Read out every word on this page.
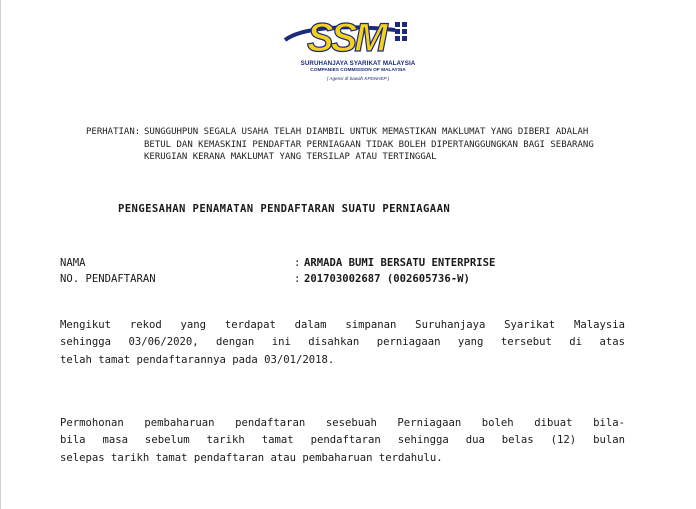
SSM
SURUHANJAYA SYARIKAT MALAYSIA
COMPANIES COMMISSION OF MALAYSIA
( Agensi di bawah KPDNHEP )
PERHATIAN: SUNGGUHPUN SEGALA USAHA TELAH DIAMBIL UNTUK MEMASTIKAN MAKLUMAT YANG DIBERI ADALAH
BETUL DAN KEMASKINI PENDAFTAR PERNIAGAAN TIDAK BOLEH DIPERTANGGUNGKAN BAGI SEBARANG
KERUGIAN KERANA MAKLUMAT YANG TERSILAP ATAU TERTINGGAL
PENGESAHAN PENAMATAN PENDAFTARAN SUATU PERNIAGAAN
NAMA	: ARMADA BUMI BERSATU ENTERPRISE
NO. PENDAFTARAN	: 201703002687 (002605736-W)
Mengikut rekod yang terdapat dalam simpanan Suruhanjaya Syarikat Malaysia
sehingga 03/06/2020, dengan ini disahkan perniagaan yang tersebut di atas
telah tamat pendaftarannya pada 03/01/2018.
Permohonan pembaharuan pendaftaran sesebuah Perniagaan boleh dibuat bila-
bila masa sebelum tarikh tamat pendaftaran sehingga dua belas (12) bulan
selepas tarikh tamat pendaftaran atau pembaharuan terdahulu.
